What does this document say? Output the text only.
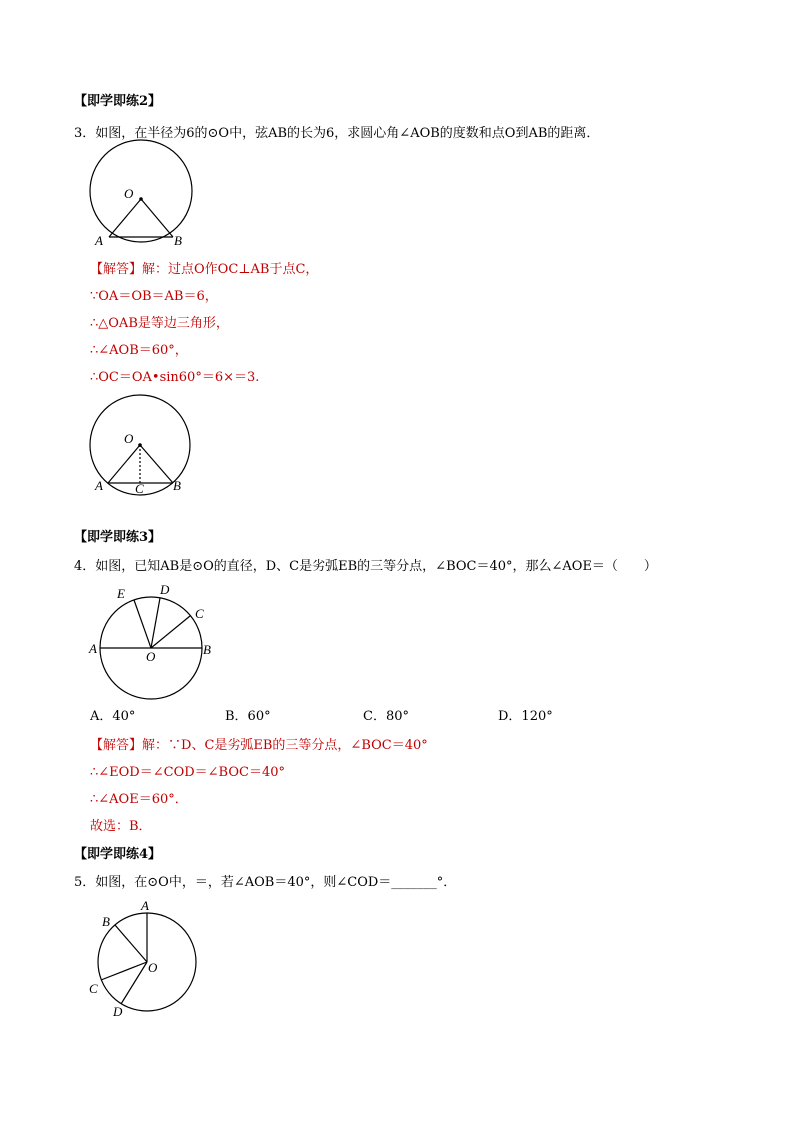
【即学即练2】
3．如图，在半径为6的⊙O中，弦AB的长为6，求圆心角∠AOB的度数和点O到AB的距离．
O
A	B
【解答】解：过点O作OC⊥AB于点C，
∵OA＝OB＝AB＝6，
∴△OAB是等边三角形，
∴∠AOB＝60°，
∴OC＝OA•sin60°＝6×＝3.
O
A	B
C
【即学即练3】
4．如图，已知AB是⊙O的直径，D、C是劣弧EB的三等分点，∠BOC＝40°，那么∠AOE＝（　　）
E	D
C
A	B
O
A．40°	B．60°	C．80°	D．120°
【解答】解：∵D、C是劣弧EB的三等分点，∠BOC＝40°
∴∠EOD＝∠COD＝∠BOC＝40°
∴∠AOE＝60°．
故选：B．
【即学即练4】
5．如图，在⊙O中，＝，若∠AOB＝40°，则∠COD＝_______°．
A
B
O
C
D
